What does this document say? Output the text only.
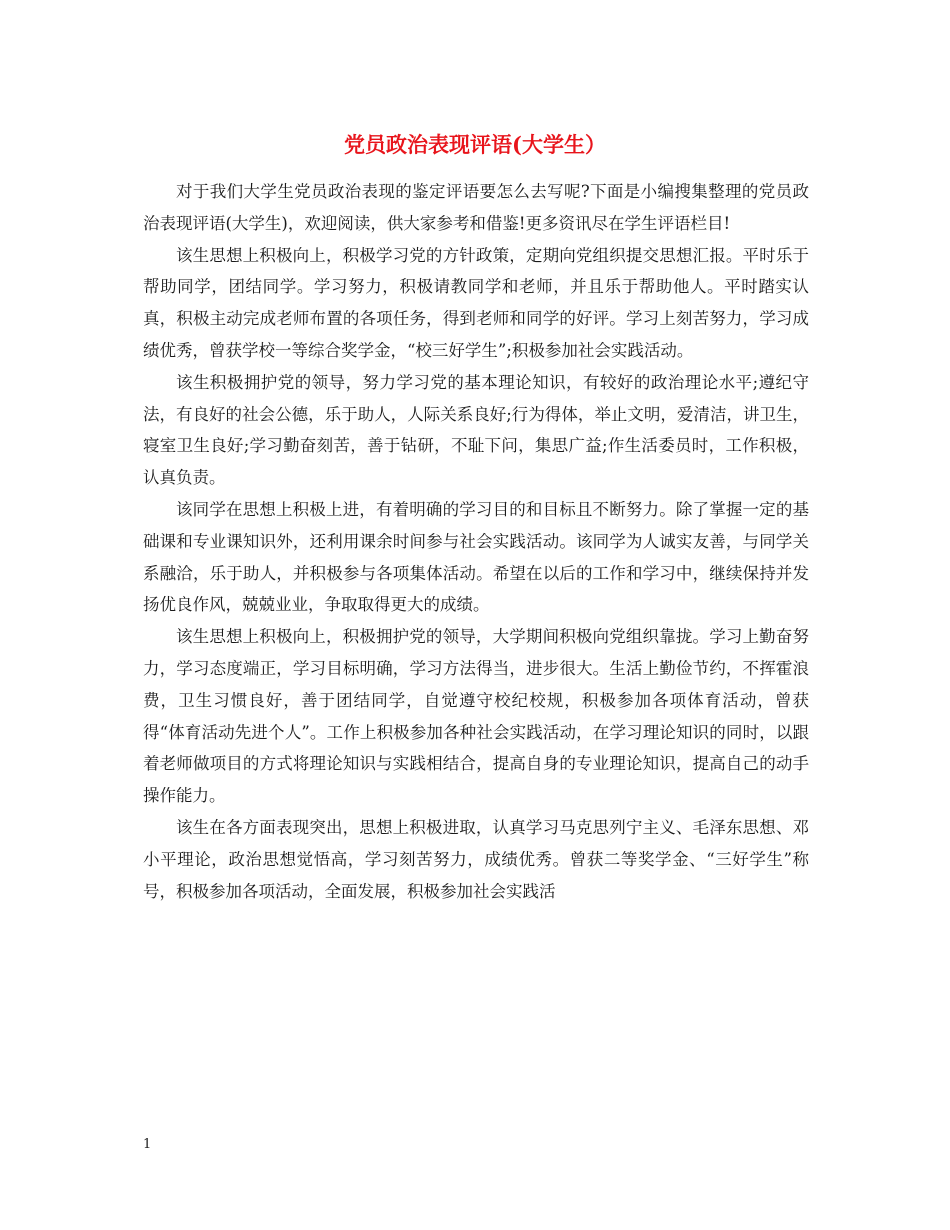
党员政治表现评语(大学生）

对于我们大学生党员政治表现的鉴定评语要怎么去写呢?下面是小编搜集整理的党员政治表现评语(大学生)，欢迎阅读，供大家参考和借鉴!更多资讯尽在学生评语栏目!

该生思想上积极向上，积极学习党的方针政策，定期向党组织提交思想汇报。平时乐于帮助同学，团结同学。学习努力，积极请教同学和老师，并且乐于帮助他人。平时踏实认真，积极主动完成老师布置的各项任务，得到老师和同学的好评。学习上刻苦努力，学习成绩优秀，曾获学校一等综合奖学金，“校三好学生”;积极参加社会实践活动。

该生积极拥护党的领导，努力学习党的基本理论知识，有较好的政治理论水平;遵纪守法，有良好的社会公德，乐于助人，人际关系良好;行为得体，举止文明，爱清洁，讲卫生，寝室卫生良好;学习勤奋刻苦，善于钻研，不耻下问，集思广益;作生活委员时，工作积极，认真负责。

该同学在思想上积极上进，有着明确的学习目的和目标且不断努力。除了掌握一定的基础课和专业课知识外，还利用课余时间参与社会实践活动。该同学为人诚实友善，与同学关系融洽，乐于助人，并积极参与各项集体活动。希望在以后的工作和学习中，继续保持并发扬优良作风，兢兢业业，争取取得更大的成绩。

该生思想上积极向上，积极拥护党的领导，大学期间积极向党组织靠拢。学习上勤奋努力，学习态度端正，学习目标明确，学习方法得当，进步很大。生活上勤俭节约，不挥霍浪费，卫生习惯良好，善于团结同学，自觉遵守校纪校规，积极参加各项体育活动，曾获得“体育活动先进个人”。工作上积极参加各种社会实践活动，在学习理论知识的同时，以跟着老师做项目的方式将理论知识与实践相结合，提高自身的专业理论知识，提高自己的动手操作能力。

该生在各方面表现突出，思想上积极进取，认真学习马克思列宁主义、毛泽东思想、邓小平理论，政治思想觉悟高，学习刻苦努力，成绩优秀。曾获二等奖学金、“三好学生”称号，积极参加各项活动，全面发展，积极参加社会实践活

1
